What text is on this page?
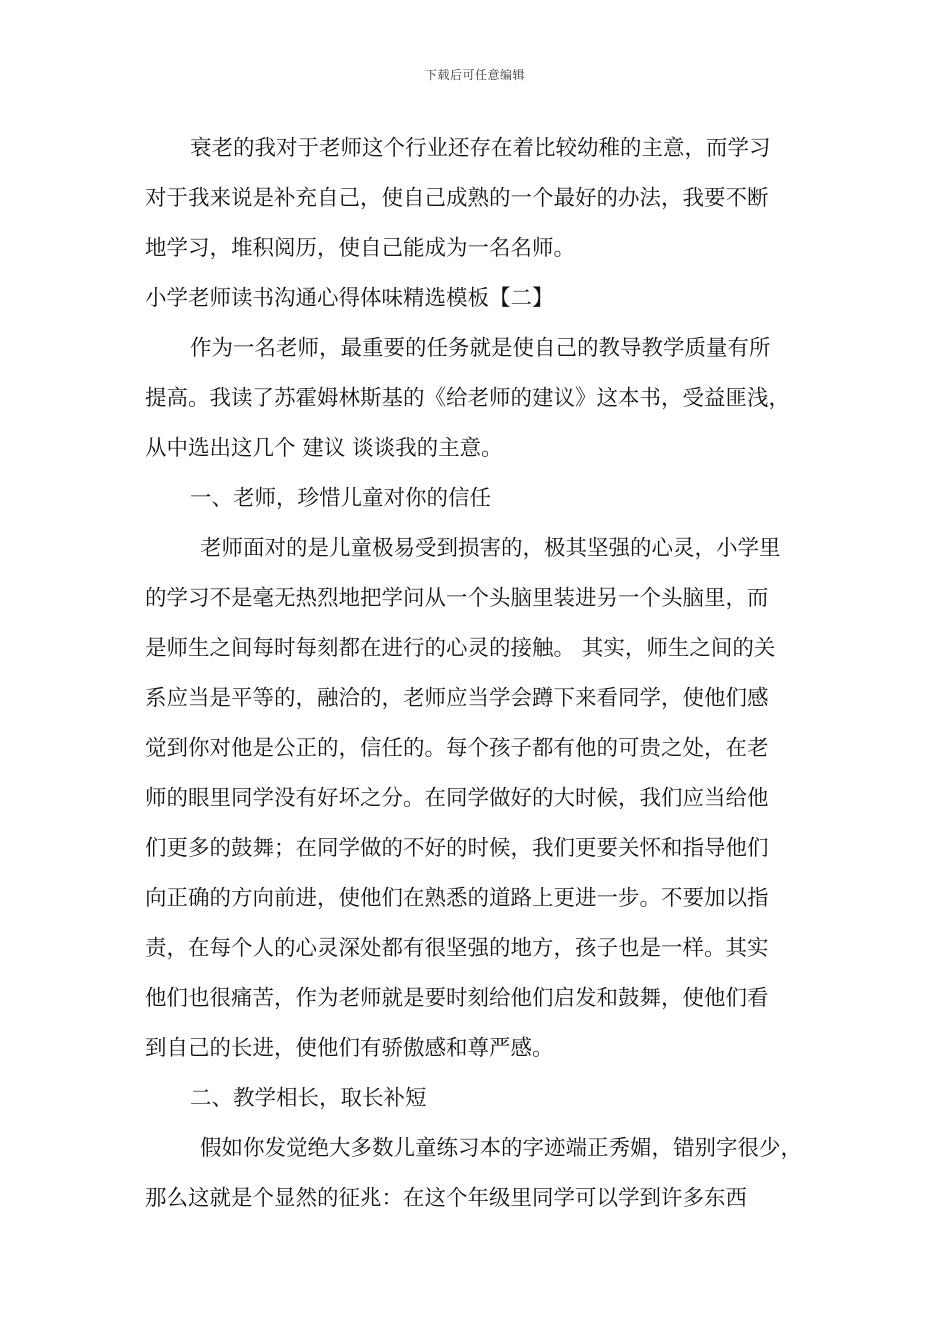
下载后可任意编辑
衰老的我对于老师这个行业还存在着比较幼稚的主意，而学习
对于我来说是补充自己，使自己成熟的一个最好的办法，我要不断
地学习，堆积阅历，使自己能成为一名名师。
小学老师读书沟通心得体味精选模板【二】
作为一名老师，最重要的任务就是使自己的教导教学质量有所
提高。我读了苏霍姆林斯基的《给老师的建议》这本书，受益匪浅，
从中选出这几个 建议 谈谈我的主意。
一、老师，珍惜儿童对你的信任
老师面对的是儿童极易受到损害的，极其坚强的心灵，小学里
的学习不是毫无热烈地把学问从一个头脑里装进另一个头脑里，而
是师生之间每时每刻都在进行的心灵的接触。 其实，师生之间的关
系应当是平等的，融洽的，老师应当学会蹲下来看同学，使他们感
觉到你对他是公正的，信任的。每个孩子都有他的可贵之处，在老
师的眼里同学没有好坏之分。在同学做好的大时候，我们应当给他
们更多的鼓舞；在同学做的不好的时候，我们更要关怀和指导他们
向正确的方向前进，使他们在熟悉的道路上更进一步。不要加以指
责，在每个人的心灵深处都有很坚强的地方，孩子也是一样。其实
他们也很痛苦，作为老师就是要时刻给他们启发和鼓舞，使他们看
到自己的长进，使他们有骄傲感和尊严感。
二、教学相长，取长补短
假如你发觉绝大多数儿童练习本的字迹端正秀媚，错别字很少，
那么这就是个显然的征兆：在这个年级里同学可以学到许多东西
